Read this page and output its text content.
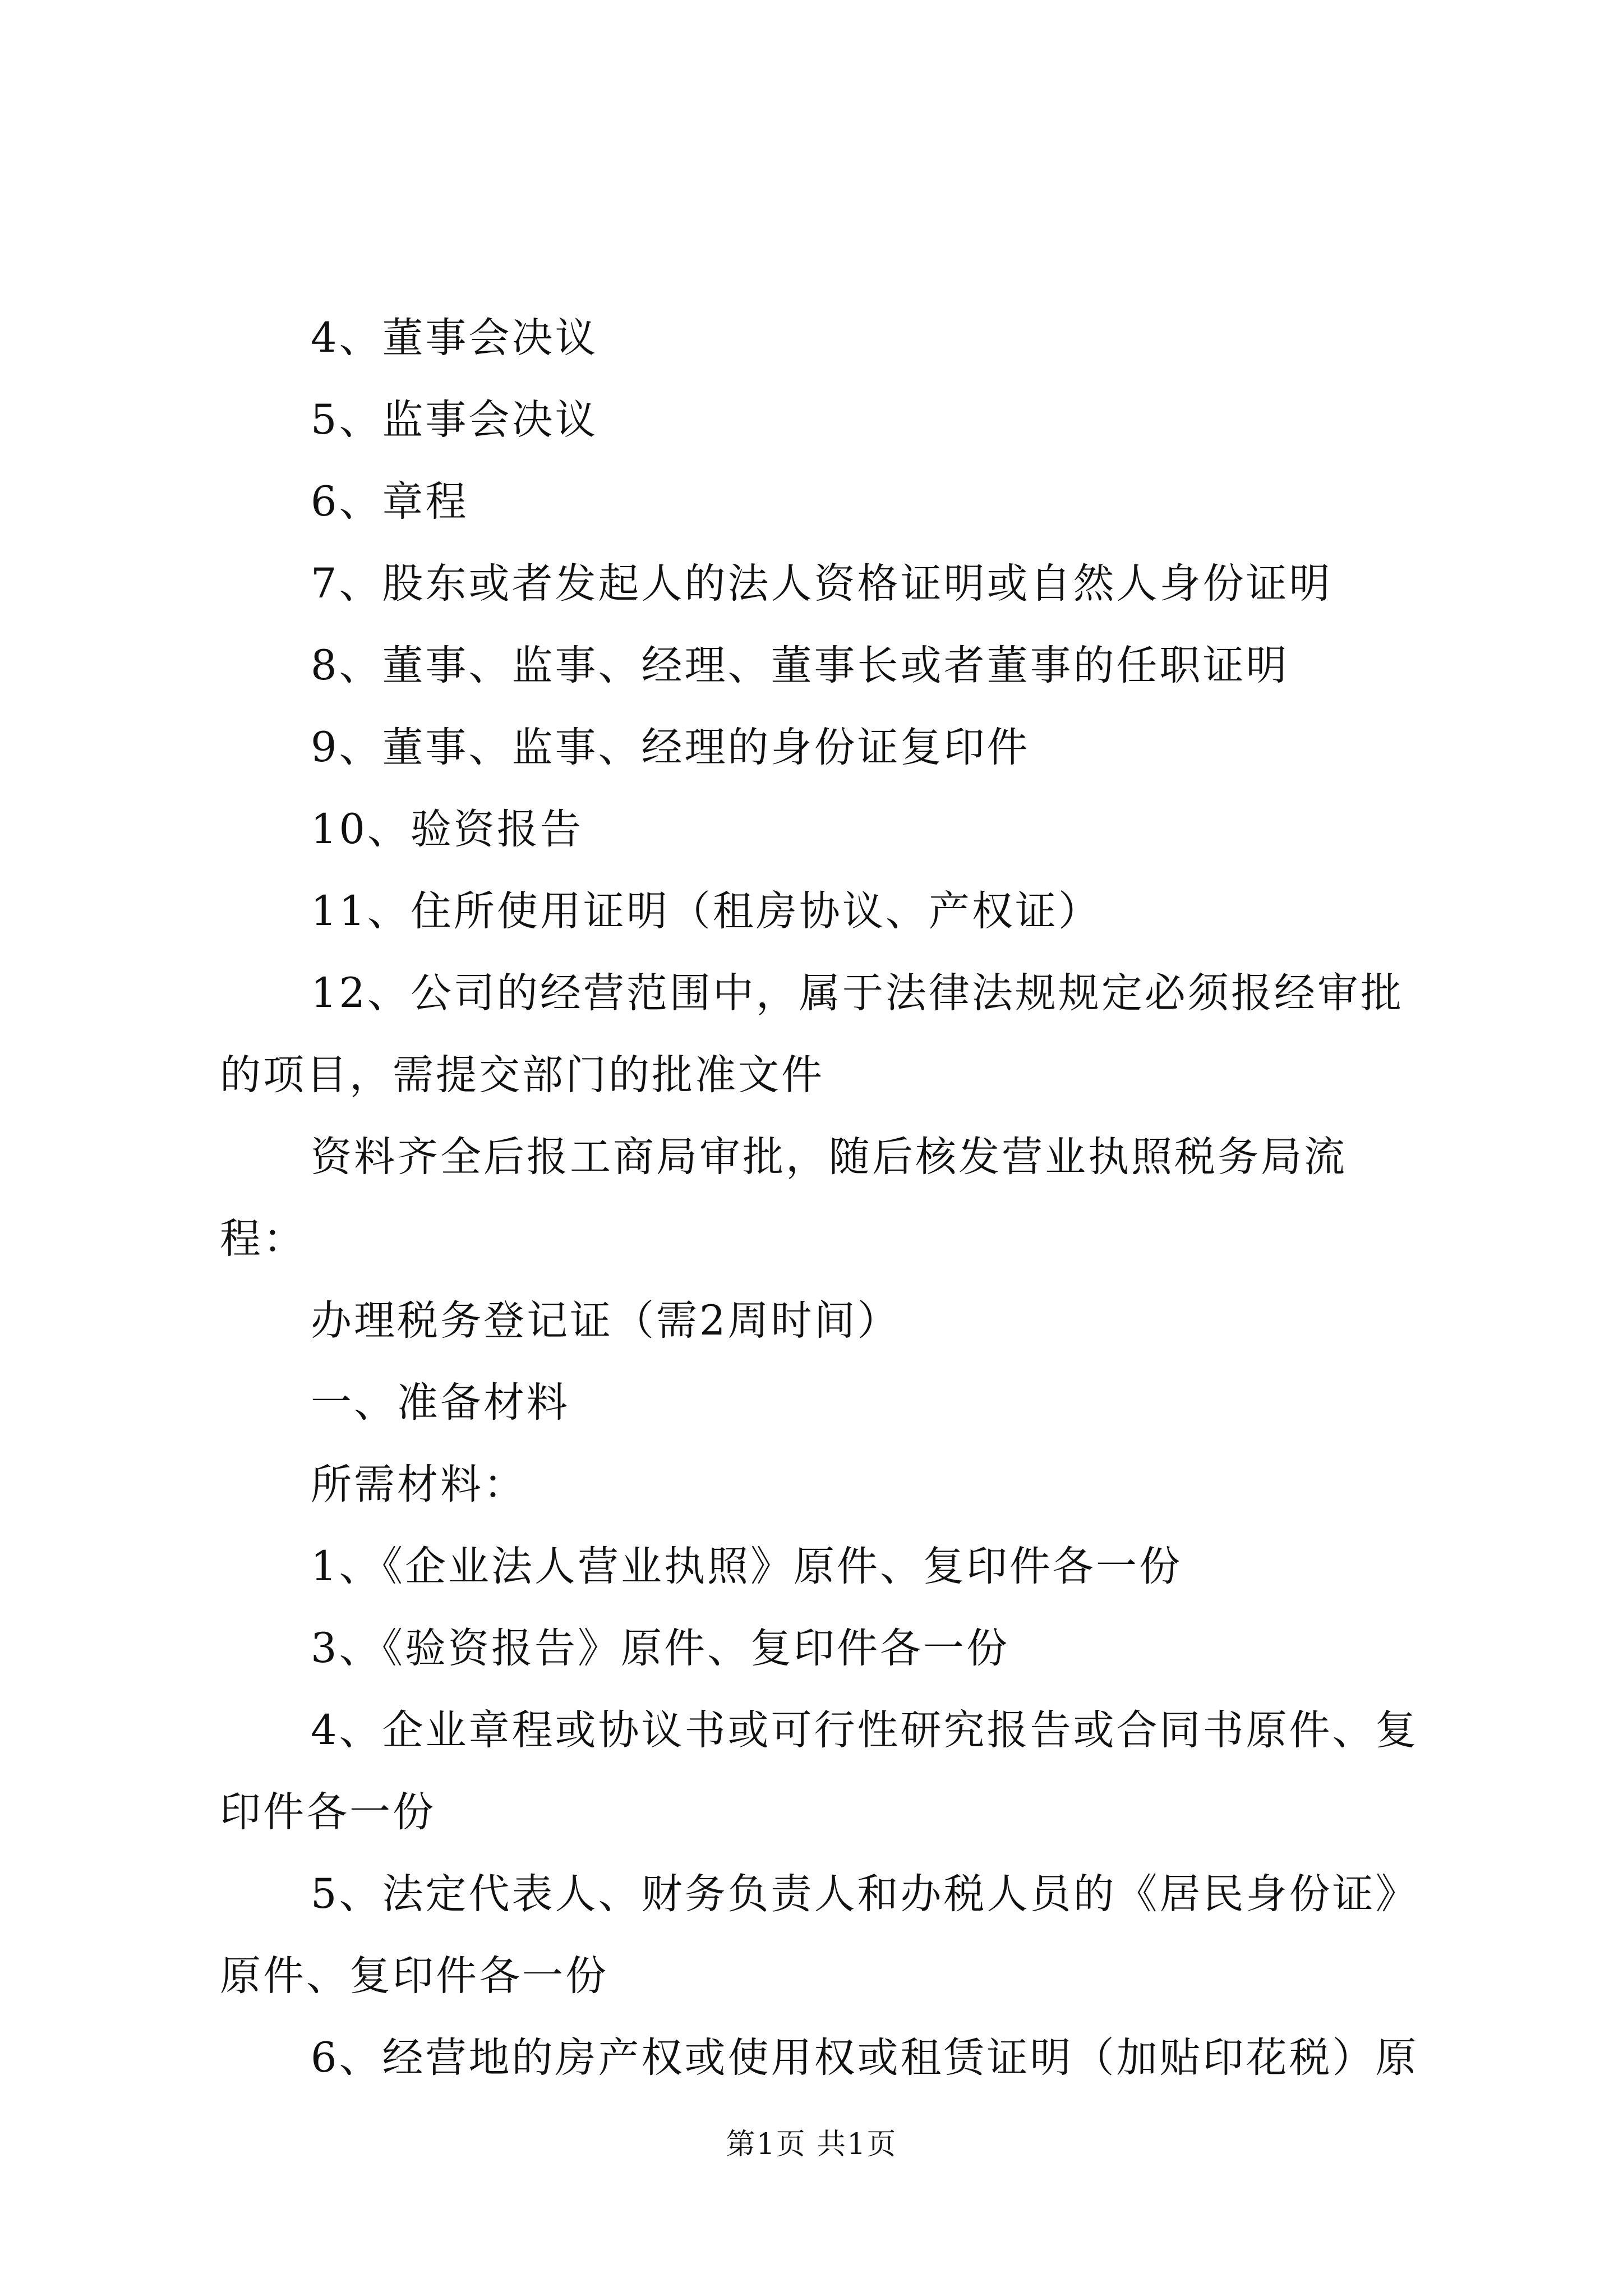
4、董事会决议

5、监事会决议

6、章程

7、股东或者发起人的法人资格证明或自然人身份证明

8、董事、监事、经理、董事长或者董事的任职证明

9、董事、监事、经理的身份证复印件

10、验资报告

11、住所使用证明（租房协议、产权证）

12、公司的经营范围中，属于法律法规规定必须报经审批的项目，需提交部门的批准文件

资料齐全后报工商局审批，随后核发营业执照税务局流程：

办理税务登记证（需2周时间）

一、准备材料

所需材料：

1、《企业法人营业执照》原件、复印件各一份

3、《验资报告》原件、复印件各一份

4、企业章程或协议书或可行性研究报告或合同书原件、复印件各一份

5、法定代表人、财务负责人和办税人员的《居民身份证》原件、复印件各一份

6、经营地的房产权或使用权或租赁证明（加贴印花税）原

第1页 共1页
